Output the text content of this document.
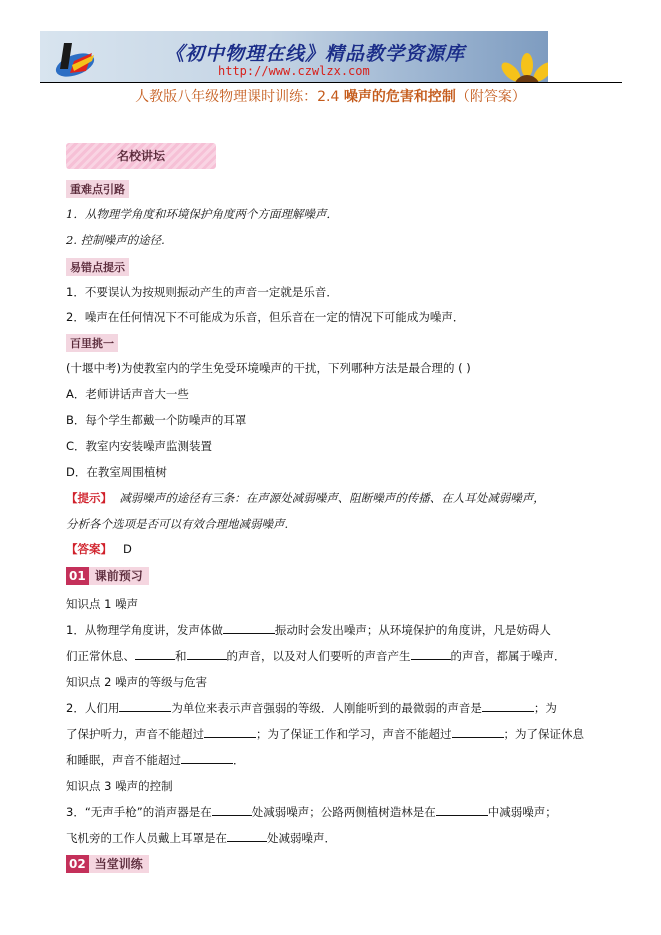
《初中物理在线》精品教学资源库
http://www.czwlzx.com
人教版八年级物理课时训练：2.4 噪声的危害和控制（附答案）
名校讲坛
重难点引路
1．从物理学角度和环境保护角度两个方面理解噪声．
2. 控制噪声的途径.
易错点提示
1．不要误认为按规则振动产生的声音一定就是乐音．
2．噪声在任何情况下不可能成为乐音，但乐音在一定的情况下可能成为噪声．
百里挑一
(十堰中考)为使教室内的学生免受环境噪声的干扰，下列哪种方法是最合理的 ( )
A．老师讲话声音大一些
B．每个学生都戴一个防噪声的耳罩
C．教室内安装噪声监测装置
D．在教室周围植树
【提示】 减弱噪声的途径有三条：在声源处减弱噪声、阻断噪声的传播、在人耳处减弱噪声，
分析各个选项是否可以有效合理地减弱噪声.
【答案】 D
01 课前预习
知识点 1 噪声
1．从物理学角度讲，发声体做	振动时会发出噪声；从环境保护的角度讲，凡是妨碍人
们正常休息、	和	的声音，以及对人们要听的声音产生	的声音，都属于噪声．
知识点 2 噪声的等级与危害
2．人们用	为单位来表示声音强弱的等级．人刚能听到的最微弱的声音是	；为
了保护听力，声音不能超过	；为了保证工作和学习，声音不能超过	；为了保证休息
和睡眠，声音不能超过	．
知识点 3 噪声的控制
3．“无声手枪”的消声器是在	处减弱噪声；公路两侧植树造林是在	中减弱噪声；
飞机旁的工作人员戴上耳罩是在	处减弱噪声．
02 当堂训练
